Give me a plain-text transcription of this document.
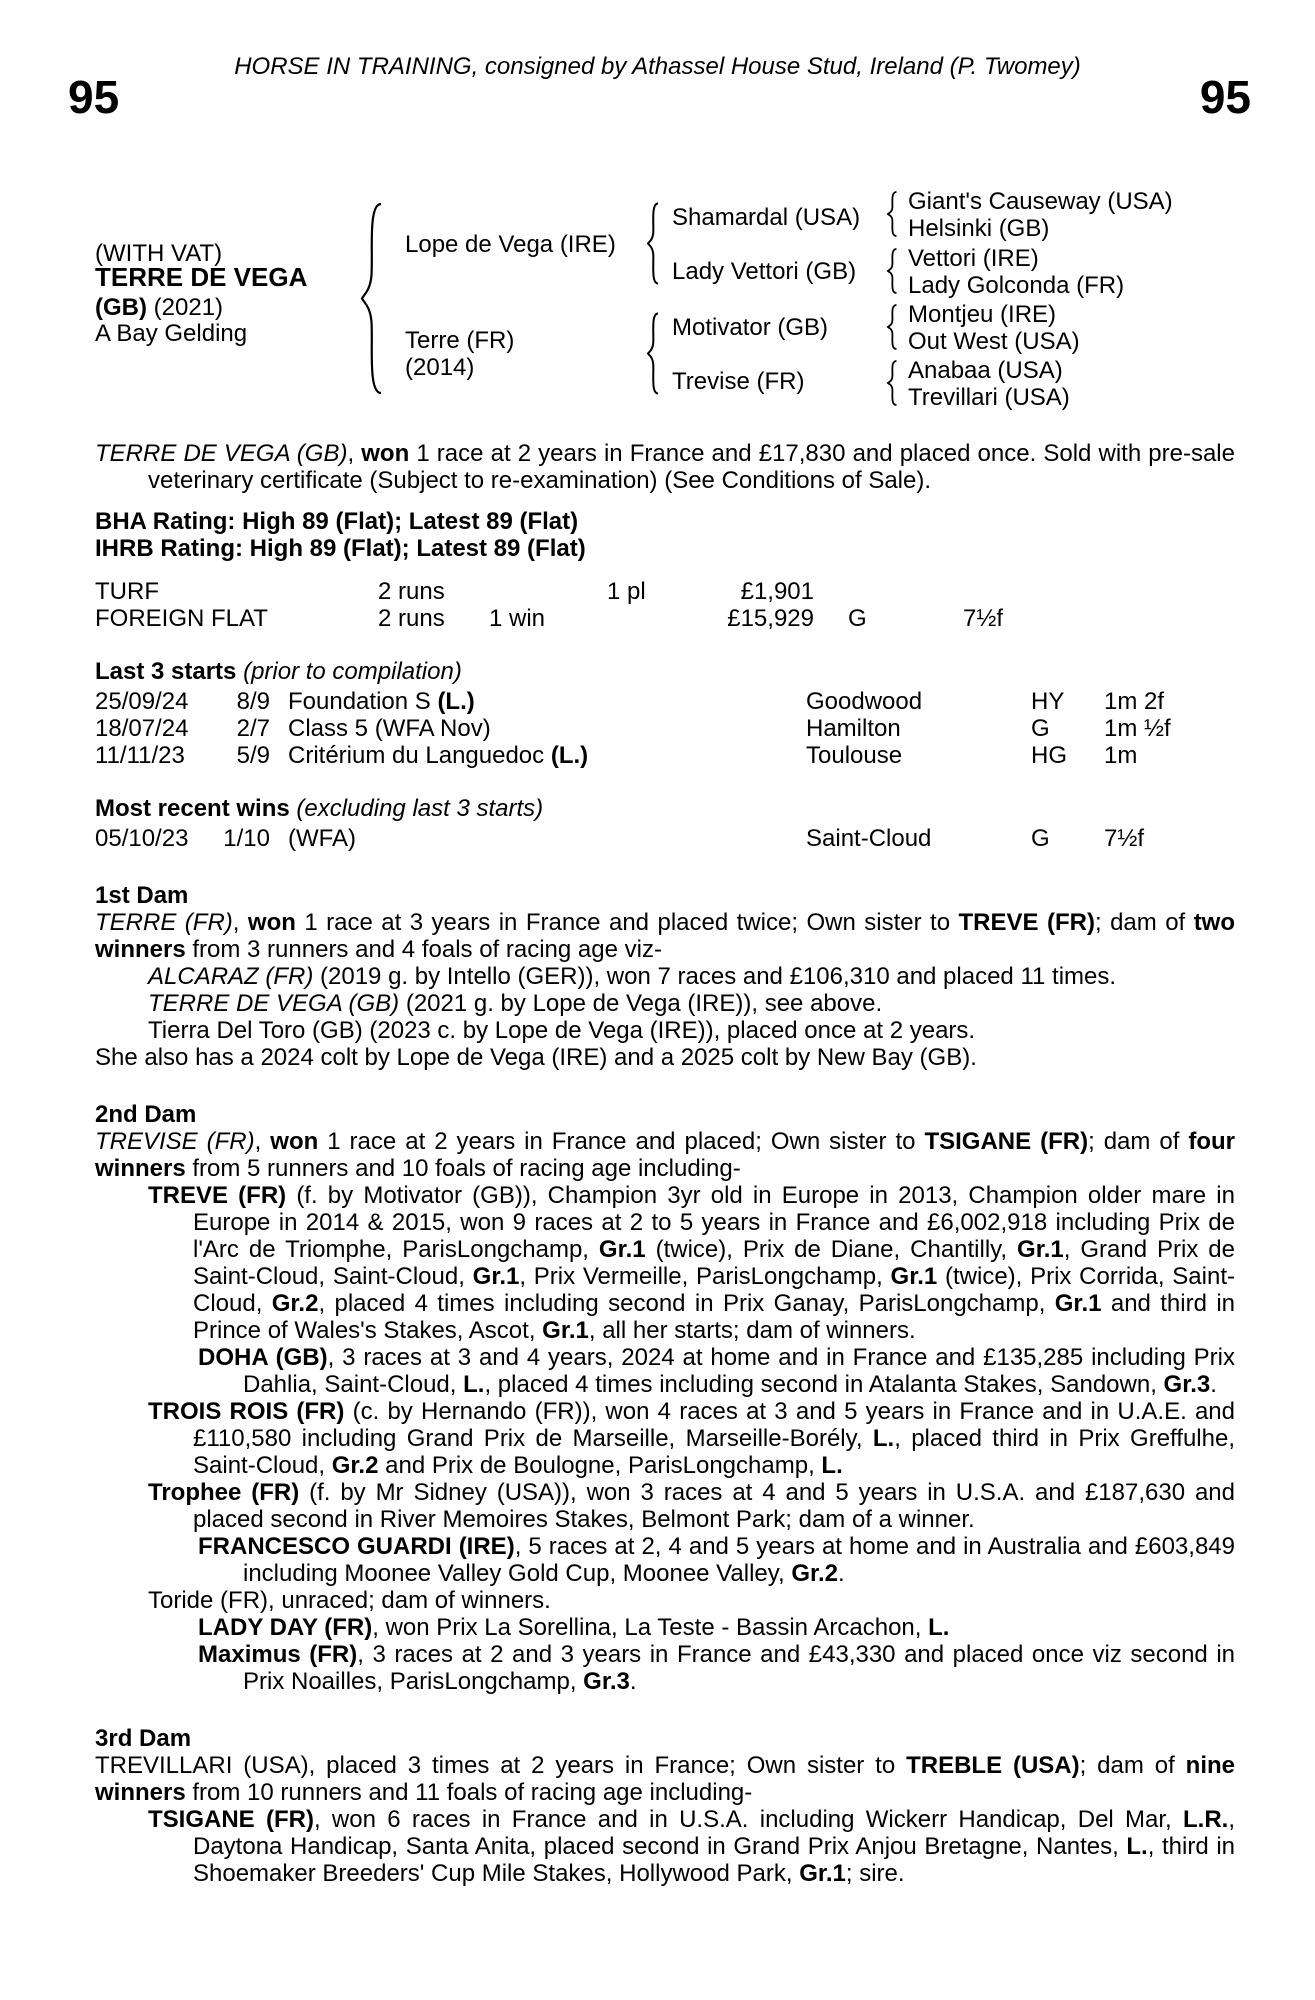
HORSE IN TRAINING, consigned by Athassel House Stud, Ireland (P. Twomey)
95	95
(WITH VAT)
TERRE DE VEGA
(GB) (2021)
A Bay Gelding
Lope de Vega (IRE)
Terre (FR)
(2014)
Shamardal (USA)
Lady Vettori (GB)
Motivator (GB)
Trevise (FR)
Giant's Causeway (USA)
Helsinki (GB)
Vettori (IRE)
Lady Golconda (FR)
Montjeu (IRE)
Out West (USA)
Anabaa (USA)
Trevillari (USA)

TERRE DE VEGA (GB), won 1 race at 2 years in France and £17,830 and placed once. Sold with pre-sale veterinary certificate (Subject to re-examination) (See Conditions of Sale).

BHA Rating: High 89 (Flat); Latest 89 (Flat)
IHRB Rating: High 89 (Flat); Latest 89 (Flat)
TURF	2 runs	1 pl	£1,901
FOREIGN FLAT	2 runs 1 win	£15,929 G	7½f
Last 3 starts (prior to compilation)
25/09/24	8/9 Foundation S (L.)	Goodwood	HY 1m 2f
18/07/24	2/7 Class 5 (WFA Nov)	Hamilton	G 1m ½f
11/11/23	5/9 Critérium du Languedoc (L.)	Toulouse	HG 1m
Most recent wins (excluding last 3 starts)
05/10/23	1/10 (WFA)	Saint-Cloud	G 7½f
1st Dam
TERRE (FR), won 1 race at 3 years in France and placed twice; Own sister to TREVE (FR); dam of two winners from 3 runners and 4 foals of racing age viz-
ALCARAZ (FR) (2019 g. by Intello (GER)), won 7 races and £106,310 and placed 11 times.
TERRE DE VEGA (GB) (2021 g. by Lope de Vega (IRE)), see above.
Tierra Del Toro (GB) (2023 c. by Lope de Vega (IRE)), placed once at 2 years.
She also has a 2024 colt by Lope de Vega (IRE) and a 2025 colt by New Bay (GB).
2nd Dam
TREVISE (FR), won 1 race at 2 years in France and placed; Own sister to TSIGANE (FR); dam of four winners from 5 runners and 10 foals of racing age including-
TREVE (FR) (f. by Motivator (GB)), Champion 3yr old in Europe in 2013, Champion older mare in Europe in 2014 & 2015, won 9 races at 2 to 5 years in France and £6,002,918 including Prix de l'Arc de Triomphe, ParisLongchamp, Gr.1 (twice), Prix de Diane, Chantilly, Gr.1, Grand Prix de Saint-Cloud, Saint-Cloud, Gr.1, Prix Vermeille, ParisLongchamp, Gr.1 (twice), Prix Corrida, Saint-Cloud, Gr.2, placed 4 times including second in Prix Ganay, ParisLongchamp, Gr.1 and third in Prince of Wales's Stakes, Ascot, Gr.1, all her starts; dam of winners.
DOHA (GB), 3 races at 3 and 4 years, 2024 at home and in France and £135,285 including Prix Dahlia, Saint-Cloud, L., placed 4 times including second in Atalanta Stakes, Sandown, Gr.3.
TROIS ROIS (FR) (c. by Hernando (FR)), won 4 races at 3 and 5 years in France and in U.A.E. and £110,580 including Grand Prix de Marseille, Marseille-Borély, L., placed third in Prix Greffulhe, Saint-Cloud, Gr.2 and Prix de Boulogne, ParisLongchamp, L.
Trophee (FR) (f. by Mr Sidney (USA)), won 3 races at 4 and 5 years in U.S.A. and £187,630 and placed second in River Memoires Stakes, Belmont Park; dam of a winner.
FRANCESCO GUARDI (IRE), 5 races at 2, 4 and 5 years at home and in Australia and £603,849 including Moonee Valley Gold Cup, Moonee Valley, Gr.2.
Toride (FR), unraced; dam of winners.
LADY DAY (FR), won Prix La Sorellina, La Teste - Bassin Arcachon, L.
Maximus (FR), 3 races at 2 and 3 years in France and £43,330 and placed once viz second in Prix Noailles, ParisLongchamp, Gr.3.
3rd Dam
TREVILLARI (USA), placed 3 times at 2 years in France; Own sister to TREBLE (USA); dam of nine winners from 10 runners and 11 foals of racing age including-
TSIGANE (FR), won 6 races in France and in U.S.A. including Wickerr Handicap, Del Mar, L.R., Daytona Handicap, Santa Anita, placed second in Grand Prix Anjou Bretagne, Nantes, L., third in Shoemaker Breeders' Cup Mile Stakes, Hollywood Park, Gr.1; sire.
